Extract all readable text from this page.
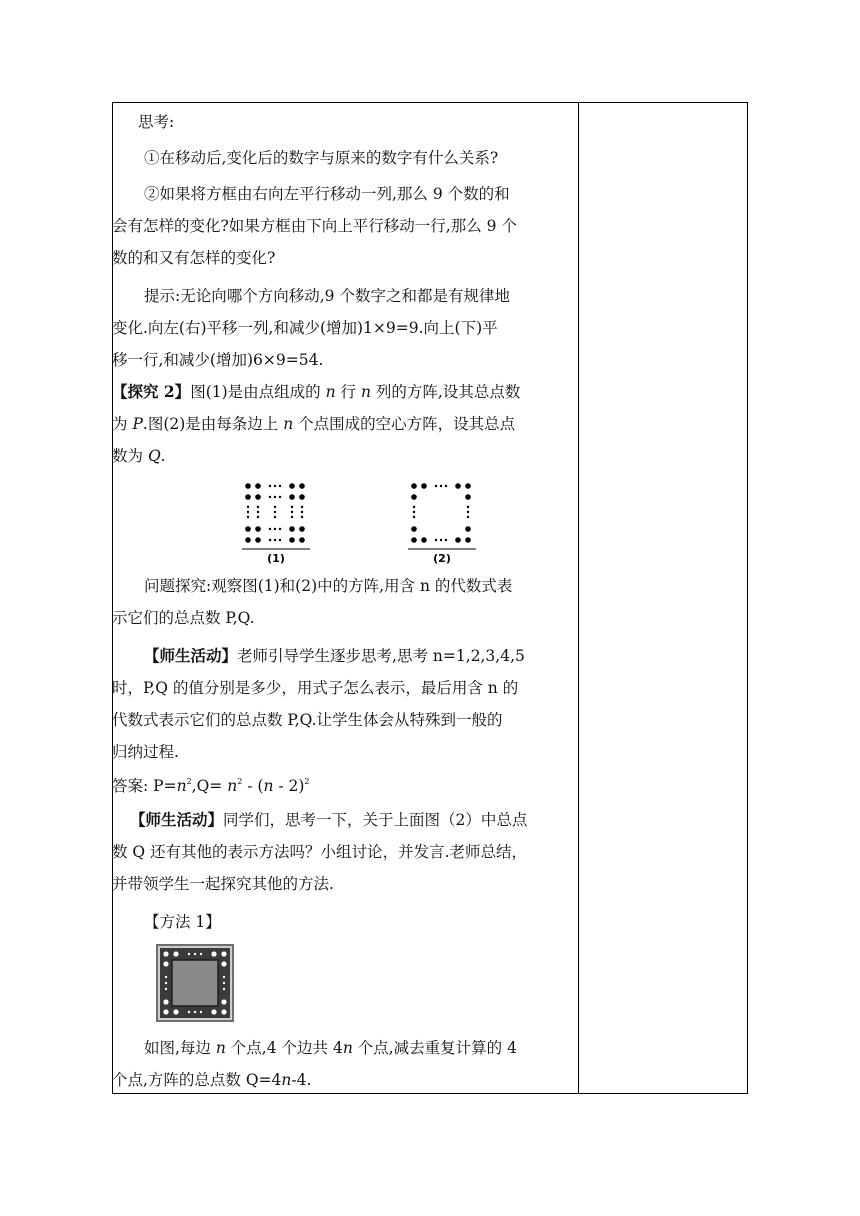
思考:
①在移动后,变化后的数字与原来的数字有什么关系?
②如果将方框由右向左平行移动一列,那么 9 个数的和
会有怎样的变化?如果方框由下向上平行移动一行,那么 9 个
数的和又有怎样的变化?
提示:无论向哪个方向移动,9 个数字之和都是有规律地
变化.向左(右)平移一列,和减少(增加)1×9=9.向上(下)平
移一行,和减少(增加)6×9=54.
【探究 2】图(1)是由点组成的 n 行 n 列的方阵,设其总点数
为 P.图(2)是由每条边上 n 个点围成的空心方阵，设其总点
数为 Q.
(1)	(2)
问题探究:观察图(1)和(2)中的方阵,用含 n 的代数式表
示它们的总点数 P,Q.
【师生活动】老师引导学生逐步思考,思考 n=1,2,3,4,5
时，P,Q 的值分别是多少，用式子怎么表示，最后用含 n 的
代数式表示它们的总点数 P,Q.让学生体会从特殊到一般的
归纳过程.
答案: $P=n^2,Q= n^2 - (n - 2)^2$
【师生活动】同学们，思考一下，关于上面图（2）中总点
数 Q 还有其他的表示方法吗？小组讨论，并发言.老师总结，
并带领学生一起探究其他的方法.
【方法 1】
如图,每边 n 个点,4 个边共 4n 个点,减去重复计算的 4
个点,方阵的总点数 Q=4n-4.
